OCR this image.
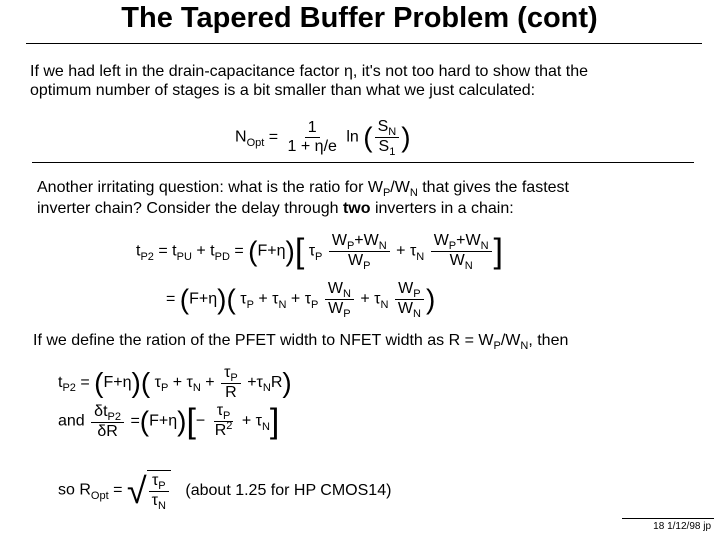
The Tapered Buffer Problem (cont)
If we had left in the drain-capacitance factor η, it's not too hard to show that the
optimum number of stages is a bit smaller than what we just calculated:
$N_{Opt} = \frac{1}{1 + \eta/e}$ ln ( $\frac{S_N}{S_1}$ )
Another irritating question: what is the ratio for $W_P/W_N$ that gives the fastest
inverter chain? Consider the delay through two inverters in a chain:
$t_{P2} = t_{PU} + t_{PD} = (F+\eta)$[ $\tau_P \frac{W_P+W_N}{W_P} + \tau_N \frac{W_P+W_N}{W_N}$ ]
= (F+η)( $\tau_P + \tau_N + \tau_P \frac{W_N}{W_P} + \tau_N \frac{W_P}{W_N}$ )
If we define the ration of the PFET width to NFET width as $R = W_P/W_N$, then
$t_{P2} = (F+\eta)$( $\tau_P + \tau_N + \frac{\tau_P}{R} +\tau_NR$)
and $\frac{\delta t_{P2}}{\delta R} =(F+\eta)[- \frac{\tau_P}{R^2} + \tau_N]$
so $R_{Opt}$ = √ $\frac{\tau_P}{\tau_N}$ (about 1.25 for HP CMOS14)
18 1/12/98 jp
